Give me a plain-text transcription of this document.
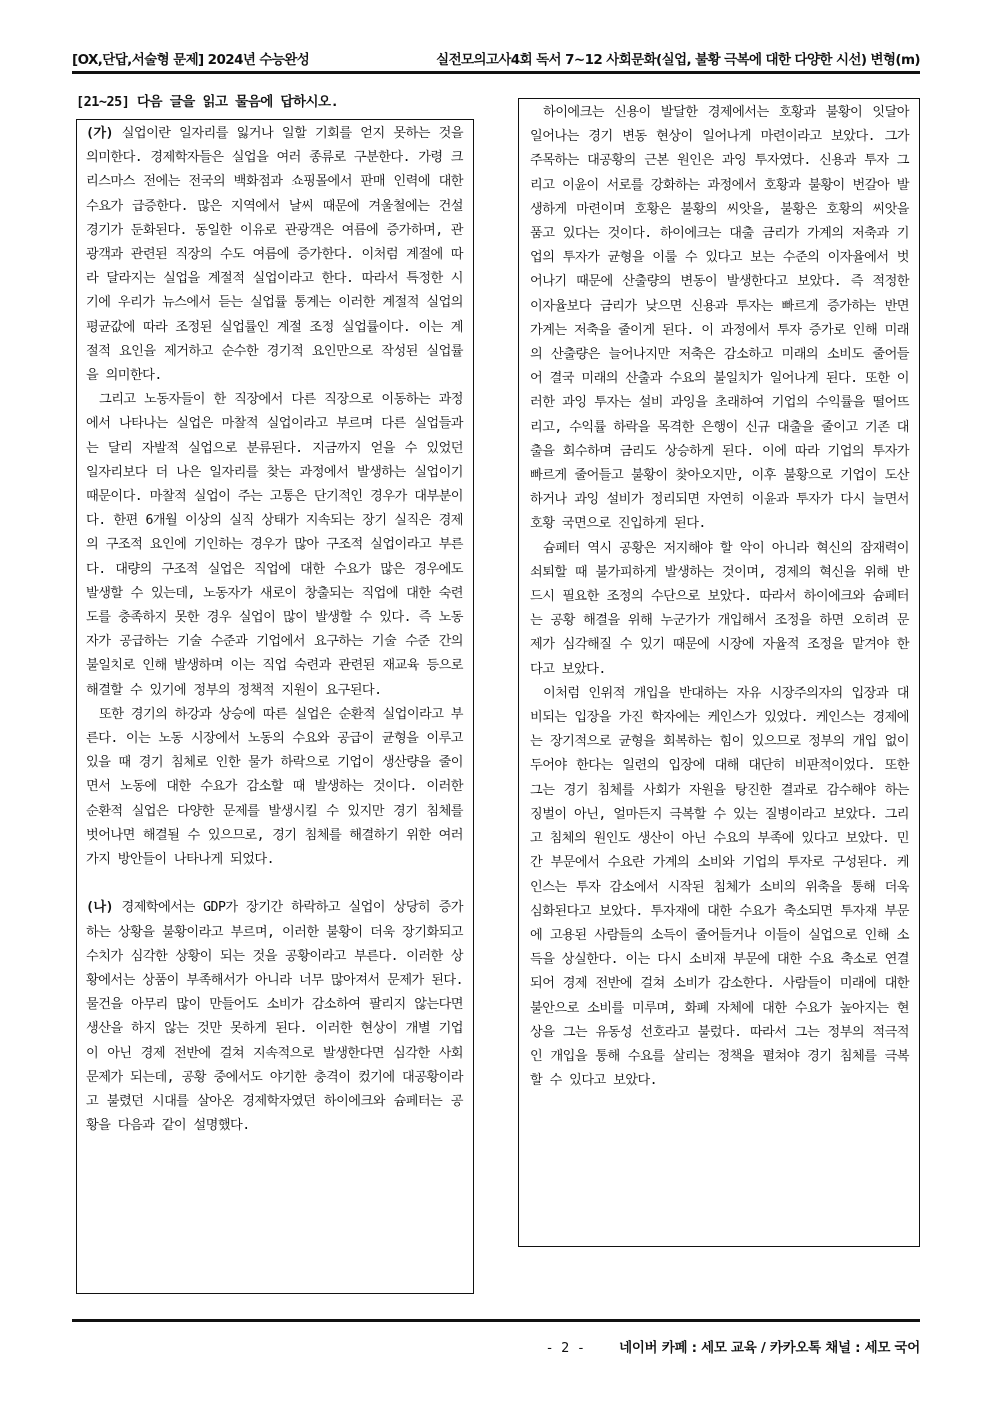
[OX,단답,서술형 문제] 2024년 수능완성	실전모의고사4회 독서 7~12 사회문화(실업, 불황 극복에 대한 다양한 시선) 변형(m)
[21~25] 다음 글을 읽고 물음에 답하시오.

(가) 실업이란 일자리를 잃거나 일할 기회를 얻지 못하는 것을 의미한다. 경제학자들은 실업을 여러 종류로 구분한다. 가령 크리스마스 전에는 전국의 백화점과 쇼핑몰에서 판매 인력에 대한 수요가 급증한다. 많은 지역에서 날씨 때문에 겨울철에는 건설 경기가 둔화된다. 동일한 이유로 관광객은 여름에 증가하며, 관광객과 관련된 직장의 수도 여름에 증가한다. 이처럼 계절에 따라 달라지는 실업을 계절적 실업이라고 한다. 따라서 특정한 시기에 우리가 뉴스에서 듣는 실업률 통계는 이러한 계절적 실업의 평균값에 따라 조정된 실업률인 계절 조정 실업률이다. 이는 계절적 요인을 제거하고 순수한 경기적 요인만으로 작성된 실업률을 의미한다.

그리고 노동자들이 한 직장에서 다른 직장으로 이동하는 과정에서 나타나는 실업은 마찰적 실업이라고 부르며 다른 실업들과는 달리 자발적 실업으로 분류된다. 지금까지 얻을 수 있었던 일자리보다 더 나은 일자리를 찾는 과정에서 발생하는 실업이기 때문이다. 마찰적 실업이 주는 고통은 단기적인 경우가 대부분이다. 한편 6개월 이상의 실직 상태가 지속되는 장기 실직은 경제의 구조적 요인에 기인하는 경우가 많아 구조적 실업이라고 부른다. 대량의 구조적 실업은 직업에 대한 수요가 많은 경우에도 발생할 수 있는데, 노동자가 새로이 창출되는 직업에 대한 숙련도를 충족하지 못한 경우 실업이 많이 발생할 수 있다. 즉 노동자가 공급하는 기술 수준과 기업에서 요구하는 기술 수준 간의 불일치로 인해 발생하며 이는 직업 숙련과 관련된 재교육 등으로 해결할 수 있기에 정부의 정책적 지원이 요구된다.

또한 경기의 하강과 상승에 따른 실업은 순환적 실업이라고 부른다. 이는 노동 시장에서 노동의 수요와 공급이 균형을 이루고 있을 때 경기 침체로 인한 물가 하락으로 기업이 생산량을 줄이면서 노동에 대한 수요가 감소할 때 발생하는 것이다. 이러한 순환적 실업은 다양한 문제를 발생시킬 수 있지만 경기 침체를 벗어나면 해결될 수 있으므로, 경기 침체를 해결하기 위한 여러 가지 방안들이 나타나게 되었다.

(나) 경제학에서는 GDP가 장기간 하락하고 실업이 상당히 증가하는 상황을 불황이라고 부르며, 이러한 불황이 더욱 장기화되고 수치가 심각한 상황이 되는 것을 공황이라고 부른다. 이러한 상황에서는 상품이 부족해서가 아니라 너무 많아져서 문제가 된다. 물건을 아무리 많이 만들어도 소비가 감소하여 팔리지 않는다면 생산을 하지 않는 것만 못하게 된다. 이러한 현상이 개별 기업이 아닌 경제 전반에 걸쳐 지속적으로 발생한다면 심각한 사회 문제가 되는데, 공황 중에서도 야기한 충격이 컸기에 대공황이라고 불렸던 시대를 살아온 경제학자였던 하이에크와 슘페터는 공황을 다음과 같이 설명했다.

하이에크는 신용이 발달한 경제에서는 호황과 불황이 잇달아 일어나는 경기 변동 현상이 일어나게 마련이라고 보았다. 그가 주목하는 대공황의 근본 원인은 과잉 투자였다. 신용과 투자 그리고 이윤이 서로를 강화하는 과정에서 호황과 불황이 번갈아 발생하게 마련이며 호황은 불황의 씨앗을, 불황은 호황의 씨앗을 품고 있다는 것이다. 하이에크는 대출 금리가 가계의 저축과 기업의 투자가 균형을 이룰 수 있다고 보는 수준의 이자율에서 벗어나기 때문에 산출량의 변동이 발생한다고 보았다. 즉 적정한 이자율보다 금리가 낮으면 신용과 투자는 빠르게 증가하는 반면 가계는 저축을 줄이게 된다. 이 과정에서 투자 증가로 인해 미래의 산출량은 늘어나지만 저축은 감소하고 미래의 소비도 줄어들어 결국 미래의 산출과 수요의 불일치가 일어나게 된다. 또한 이러한 과잉 투자는 설비 과잉을 초래하여 기업의 수익률을 떨어뜨리고, 수익률 하락을 목격한 은행이 신규 대출을 줄이고 기존 대출을 회수하며 금리도 상승하게 된다. 이에 따라 기업의 투자가 빠르게 줄어들고 불황이 찾아오지만, 이후 불황으로 기업이 도산하거나 과잉 설비가 정리되면 자연히 이윤과 투자가 다시 늘면서 호황 국면으로 진입하게 된다.

슘페터 역시 공황은 저지해야 할 악이 아니라 혁신의 잠재력이 쇠퇴할 때 불가피하게 발생하는 것이며, 경제의 혁신을 위해 반드시 필요한 조정의 수단으로 보았다. 따라서 하이에크와 슘페터는 공황 해결을 위해 누군가가 개입해서 조정을 하면 오히려 문제가 심각해질 수 있기 때문에 시장에 자율적 조정을 맡겨야 한다고 보았다.

이처럼 인위적 개입을 반대하는 자유 시장주의자의 입장과 대비되는 입장을 가진 학자에는 케인스가 있었다. 케인스는 경제에는 장기적으로 균형을 회복하는 힘이 있으므로 정부의 개입 없이 두어야 한다는 일련의 입장에 대해 대단히 비판적이었다. 또한 그는 경기 침체를 사회가 자원을 탕진한 결과로 감수해야 하는 징벌이 아닌, 얼마든지 극복할 수 있는 질병이라고 보았다. 그리고 침체의 원인도 생산이 아닌 수요의 부족에 있다고 보았다. 민간 부문에서 수요란 가계의 소비와 기업의 투자로 구성된다. 케인스는 투자 감소에서 시작된 침체가 소비의 위축을 통해 더욱 심화된다고 보았다. 투자재에 대한 수요가 축소되면 투자재 부문에 고용된 사람들의 소득이 줄어들거나 이들이 실업으로 인해 소득을 상실한다. 이는 다시 소비재 부문에 대한 수요 축소로 연결되어 경제 전반에 걸쳐 소비가 감소한다. 사람들이 미래에 대한 불안으로 소비를 미루며, 화폐 자체에 대한 수요가 높아지는 현상을 그는 유동성 선호라고 불렀다. 따라서 그는 정부의 적극적인 개입을 통해 수요를 살리는 정책을 펼쳐야 경기 침체를 극복할 수 있다고 보았다.

- 2 -	네이버 카페 : 세모 교육 / 카카오톡 채널 : 세모 국어
